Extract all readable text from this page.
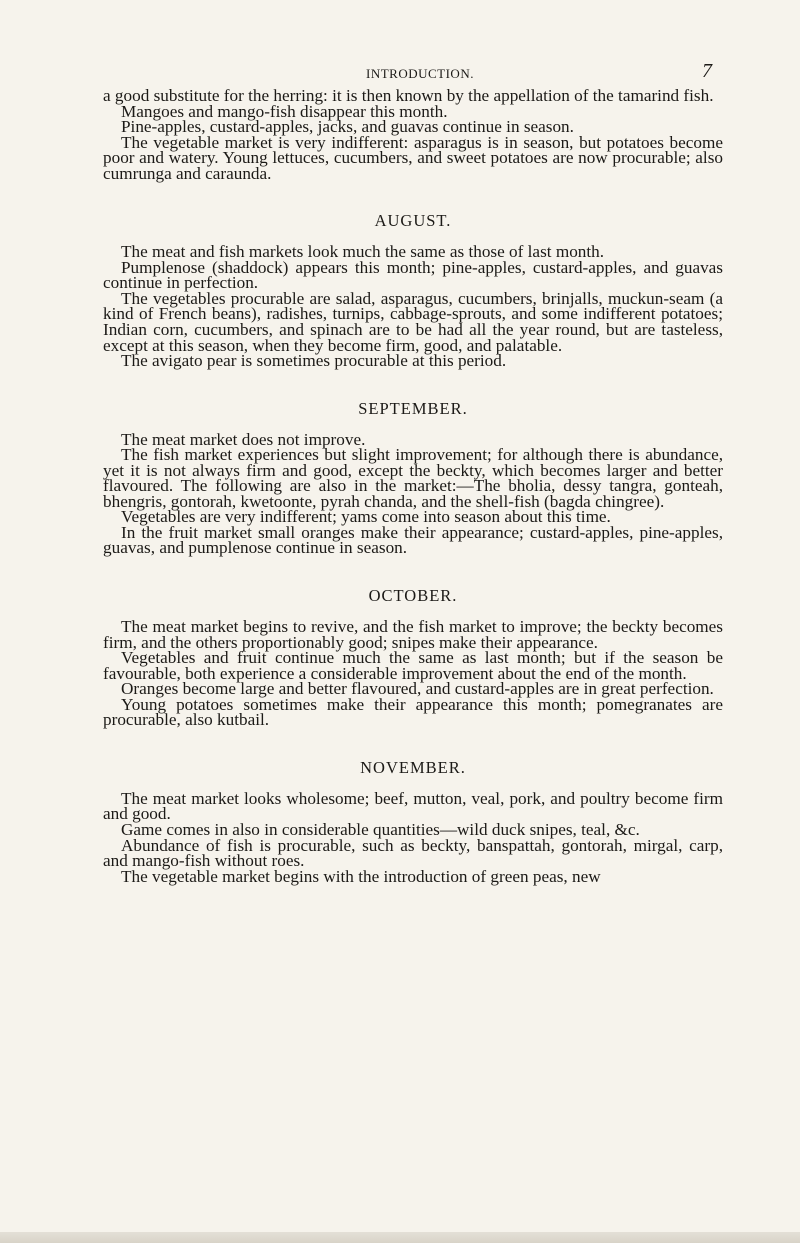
INTRODUCTION.	7

a good substitute for the herring: it is then known by the appellation of the tamarind fish.

Mangoes and mango-fish disappear this month.

Pine-apples, custard-apples, jacks, and guavas continue in season.

The vegetable market is very indifferent: asparagus is in season, but potatoes become poor and watery. Young lettuces, cucumbers, and sweet potatoes are now procurable; also cumrunga and caraunda.

AUGUST.

The meat and fish markets look much the same as those of last month.

Pumplenose (shaddock) appears this month; pine-apples, custard-apples, and guavas continue in perfection.

The vegetables procurable are salad, asparagus, cucumbers, brinjalls, muckun-seam (a kind of French beans), radishes, turnips, cabbage-sprouts, and some indifferent potatoes; Indian corn, cucumbers, and spinach are to be had all the year round, but are tasteless, except at this season, when they become firm, good, and palatable.

The avigato pear is sometimes procurable at this period.

SEPTEMBER.

The meat market does not improve.

The fish market experiences but slight improvement; for although there is abundance, yet it is not always firm and good, except the beckty, which becomes larger and better flavoured. The following are also in the market:—The bholia, dessy tangra, gonteah, bhengris, gontorah, kwetoonte, pyrah chanda, and the shell-fish (bagda chingree).

Vegetables are very indifferent; yams come into season about this time.

In the fruit market small oranges make their appearance; custard-apples, pine-apples, guavas, and pumplenose continue in season.

OCTOBER.

The meat market begins to revive, and the fish market to improve; the beckty becomes firm, and the others proportionably good; snipes make their appearance.

Vegetables and fruit continue much the same as last month; but if the season be favourable, both experience a considerable improvement about the end of the month.

Oranges become large and better flavoured, and custard-apples are in great perfection.

Young potatoes sometimes make their appearance this month; pomegranates are procurable, also kutbail.

NOVEMBER.

The meat market looks wholesome; beef, mutton, veal, pork, and poultry become firm and good.

Game comes in also in considerable quantities—wild duck snipes, teal, &c.

Abundance of fish is procurable, such as beckty, banspattah, gontorah, mirgal, carp, and mango-fish without roes.

The vegetable market begins with the introduction of green peas, new
